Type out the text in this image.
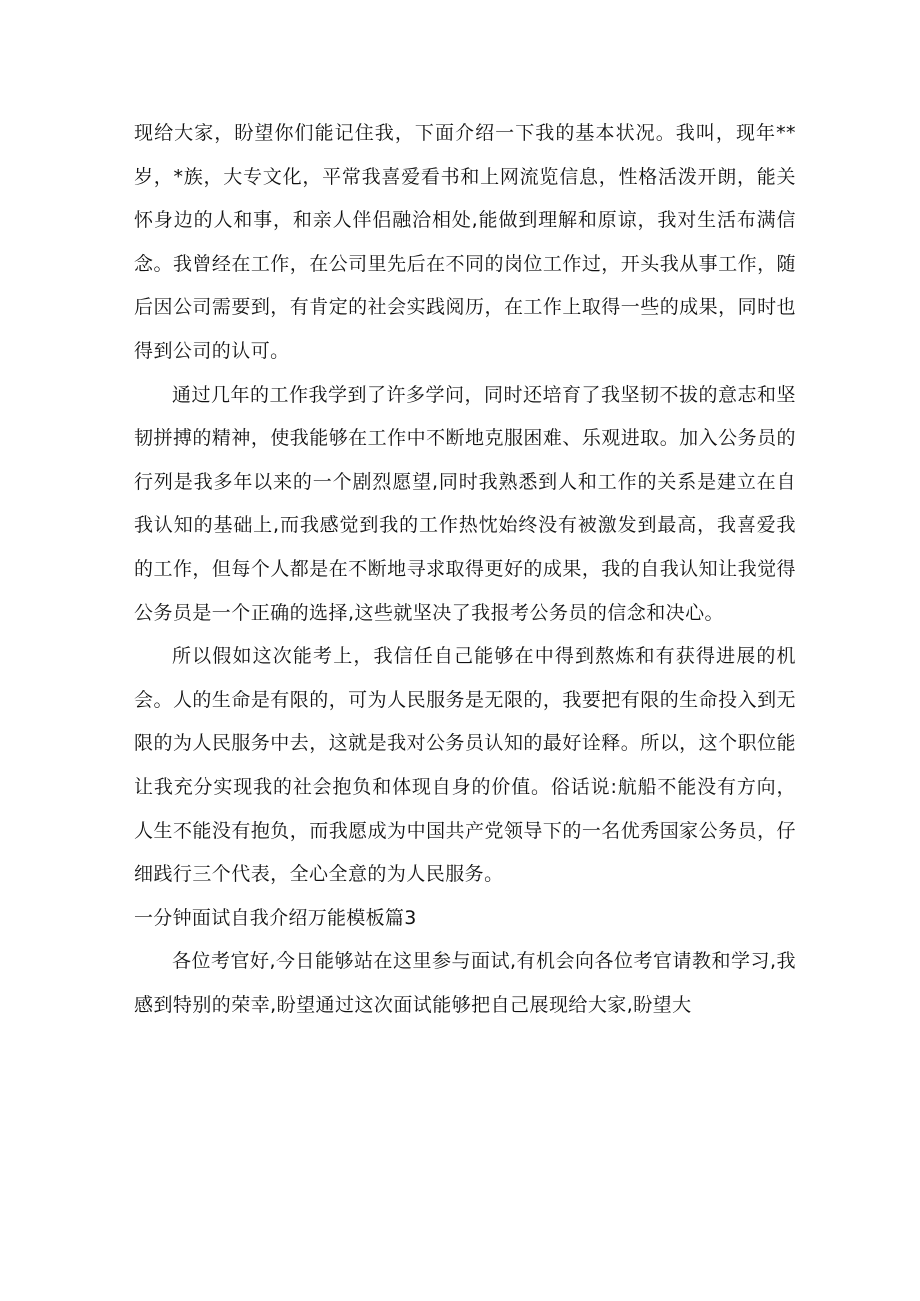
现给大家，盼望你们能记住我，下面介绍一下我的基本状况。我叫，现年**岁，*族，大专文化，平常我喜爱看书和上网流览信息，性格活泼开朗，能关怀身边的人和事，和亲人伴侣融洽相处,能做到理解和原谅，我对生活布满信念。我曾经在工作，在公司里先后在不同的岗位工作过，开头我从事工作，随后因公司需要到，有肯定的社会实践阅历，在工作上取得一些的成果，同时也得到公司的认可。

通过几年的工作我学到了许多学问，同时还培育了我坚韧不拔的意志和坚韧拼搏的精神，使我能够在工作中不断地克服困难、乐观进取。加入公务员的行列是我多年以来的一个剧烈愿望,同时我熟悉到人和工作的关系是建立在自我认知的基础上,而我感觉到我的工作热忱始终没有被激发到最高，我喜爱我的工作，但每个人都是在不断地寻求取得更好的成果，我的自我认知让我觉得公务员是一个正确的选择,这些就坚决了我报考公务员的信念和决心。

所以假如这次能考上，我信任自己能够在中得到熬炼和有获得进展的机会。人的生命是有限的，可为人民服务是无限的，我要把有限的生命投入到无限的为人民服务中去，这就是我对公务员认知的最好诠释。所以，这个职位能让我充分实现我的社会抱负和体现自身的价值。俗话说:航船不能没有方向，人生不能没有抱负，而我愿成为中国共产党领导下的一名优秀国家公务员，仔细践行三个代表，全心全意的为人民服务。

一分钟面试自我介绍万能模板篇3

各位考官好,今日能够站在这里参与面试,有机会向各位考官请教和学习,我感到特别的荣幸,盼望通过这次面试能够把自己展现给大家,盼望大
